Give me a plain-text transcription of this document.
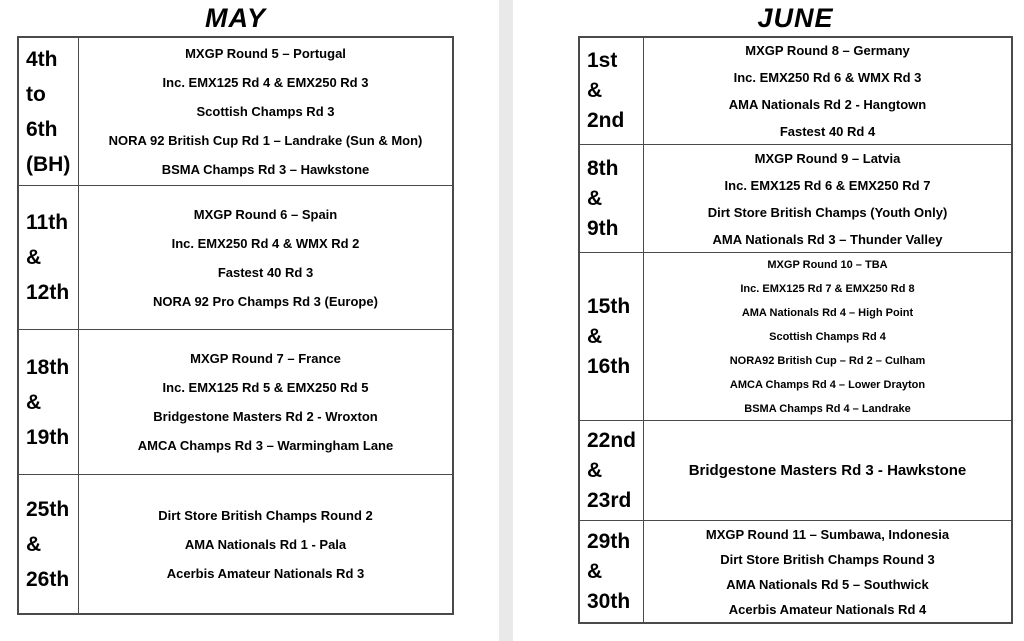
MAY
4th
to
6th
(BH)
MXGP Round 5 – Portugal
Inc. EMX125 Rd 4 & EMX250 Rd 3
Scottish Champs Rd 3
NORA 92 British Cup Rd 1 – Landrake (Sun & Mon)
BSMA Champs Rd 3 – Hawkstone
11th
&
12th
MXGP Round 6 – Spain
Inc. EMX250 Rd 4 & WMX Rd 2
Fastest 40 Rd 3
NORA 92 Pro Champs Rd 3 (Europe)
18th
&
19th
MXGP Round 7 – France
Inc. EMX125 Rd 5 & EMX250 Rd 5
Bridgestone Masters Rd 2 - Wroxton
AMCA Champs Rd 3 – Warmingham Lane
25th
&
26th
Dirt Store British Champs Round 2
AMA Nationals Rd 1 - Pala
Acerbis Amateur Nationals Rd 3
JUNE
1st
&
2nd
MXGP Round 8 – Germany
Inc. EMX250 Rd 6 & WMX Rd 3
AMA Nationals Rd 2 - Hangtown
Fastest 40 Rd 4
8th
&
9th
MXGP Round 9 – Latvia
Inc. EMX125 Rd 6 & EMX250 Rd 7
Dirt Store British Champs (Youth Only)
AMA Nationals Rd 3 – Thunder Valley
15th
&
16th
MXGP Round 10 – TBA
Inc. EMX125 Rd 7 & EMX250 Rd 8
AMA Nationals Rd 4 – High Point
Scottish Champs Rd 4
NORA92 British Cup – Rd 2 – Culham
AMCA Champs Rd 4 – Lower Drayton
BSMA Champs Rd 4 – Landrake
22nd
&
23rd
Bridgestone Masters Rd 3 - Hawkstone
29th
&
30th
MXGP Round 11 – Sumbawa, Indonesia
Dirt Store British Champs Round 3
AMA Nationals Rd 5 – Southwick
Acerbis Amateur Nationals Rd 4
